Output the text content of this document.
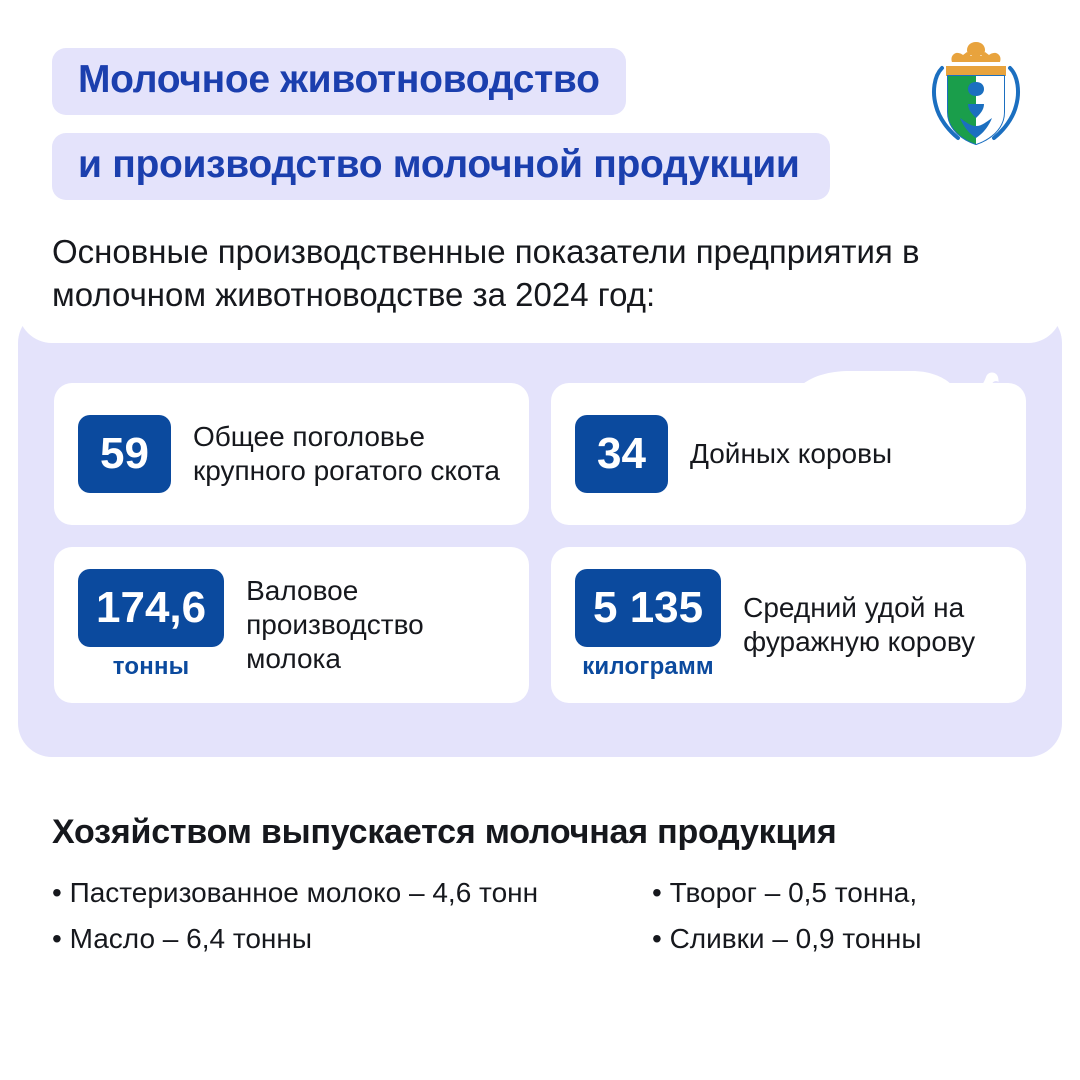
Молочное животноводство

и производство молочной продукции
Основные производственные показатели предприятия в молочном животноводстве за 2024 год:
59	Общее поголовье крупного рогатого скота	34	Дойных коровы
174,6
тонны
Валовое производство молока
5 135
килограмм
Средний удой на фуражную корову
Хозяйством выпускается молочная продукция
• Пастеризованное молоко – 4,6 тонн	• Творог – 0,5 тонна,
• Масло – 6,4 тонны	• Сливки – 0,9 тонны
